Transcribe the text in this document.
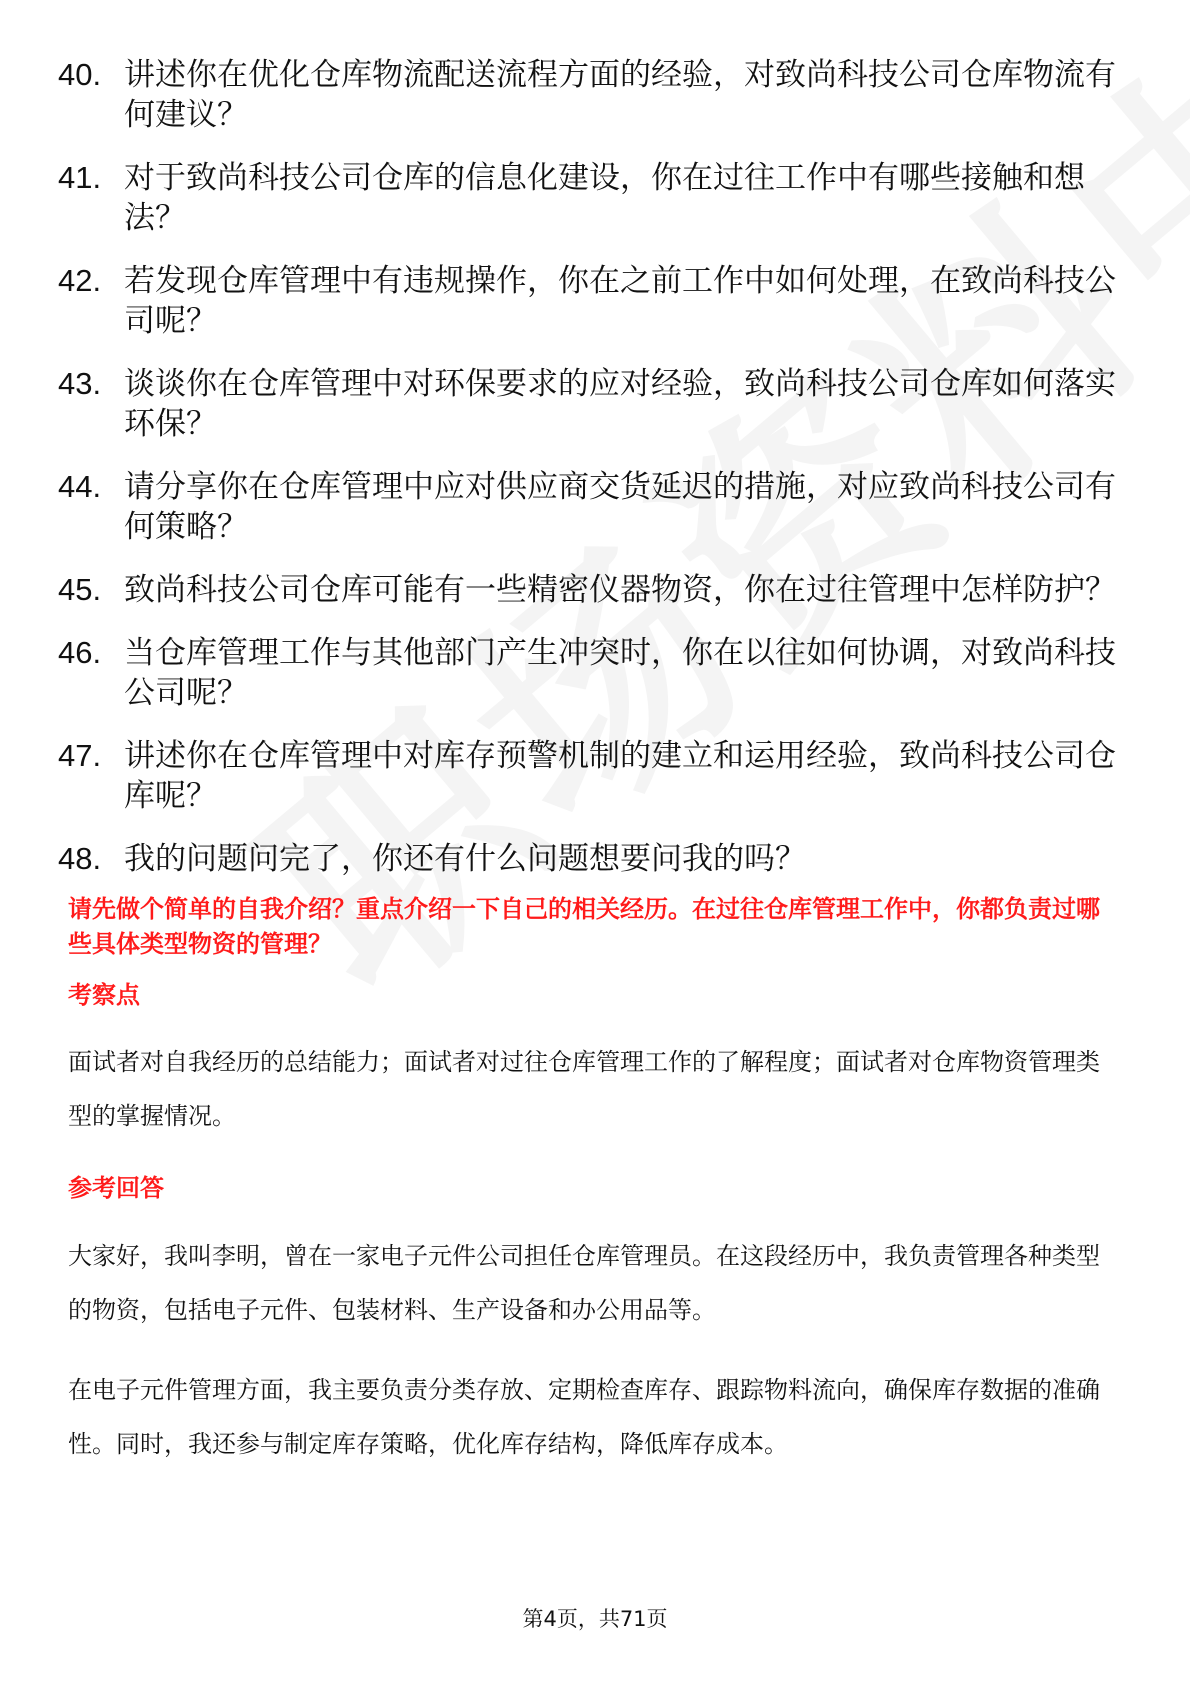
40. 讲述你在优化仓库物流配送流程方面的经验，对致尚科技公司仓库物流有何建议？
41. 对于致尚科技公司仓库的信息化建设，你在过往工作中有哪些接触和想法？
42. 若发现仓库管理中有违规操作，你在之前工作中如何处理，在致尚科技公司呢？
43. 谈谈你在仓库管理中对环保要求的应对经验，致尚科技公司仓库如何落实环保？
44. 请分享你在仓库管理中应对供应商交货延迟的措施，对应致尚科技公司有何策略？
45. 致尚科技公司仓库可能有一些精密仪器物资，你在过往管理中怎样防护？
46. 当仓库管理工作与其他部门产生冲突时，你在以往如何协调，对致尚科技公司呢？
47. 讲述你在仓库管理中对库存预警机制的建立和运用经验，致尚科技公司仓库呢？
48. 我的问题问完了，你还有什么问题想要问我的吗？
请先做个简单的自我介绍？重点介绍一下自己的相关经历。在过往仓库管理工作中，你都负责过哪些具体类型物资的管理？
考察点

面试者对自我经历的总结能力；面试者对过往仓库管理工作的了解程度；面试者对仓库物资管理类型的掌握情况。

参考回答

大家好，我叫李明，曾在一家电子元件公司担任仓库管理员。在这段经历中，我负责管理各种类型的物资，包括电子元件、包装材料、生产设备和办公用品等。

在电子元件管理方面，我主要负责分类存放、定期检查库存、跟踪物料流向，确保库存数据的准确性。同时，我还参与制定库存策略，优化库存结构，降低库存成本。

第4页，共71页
